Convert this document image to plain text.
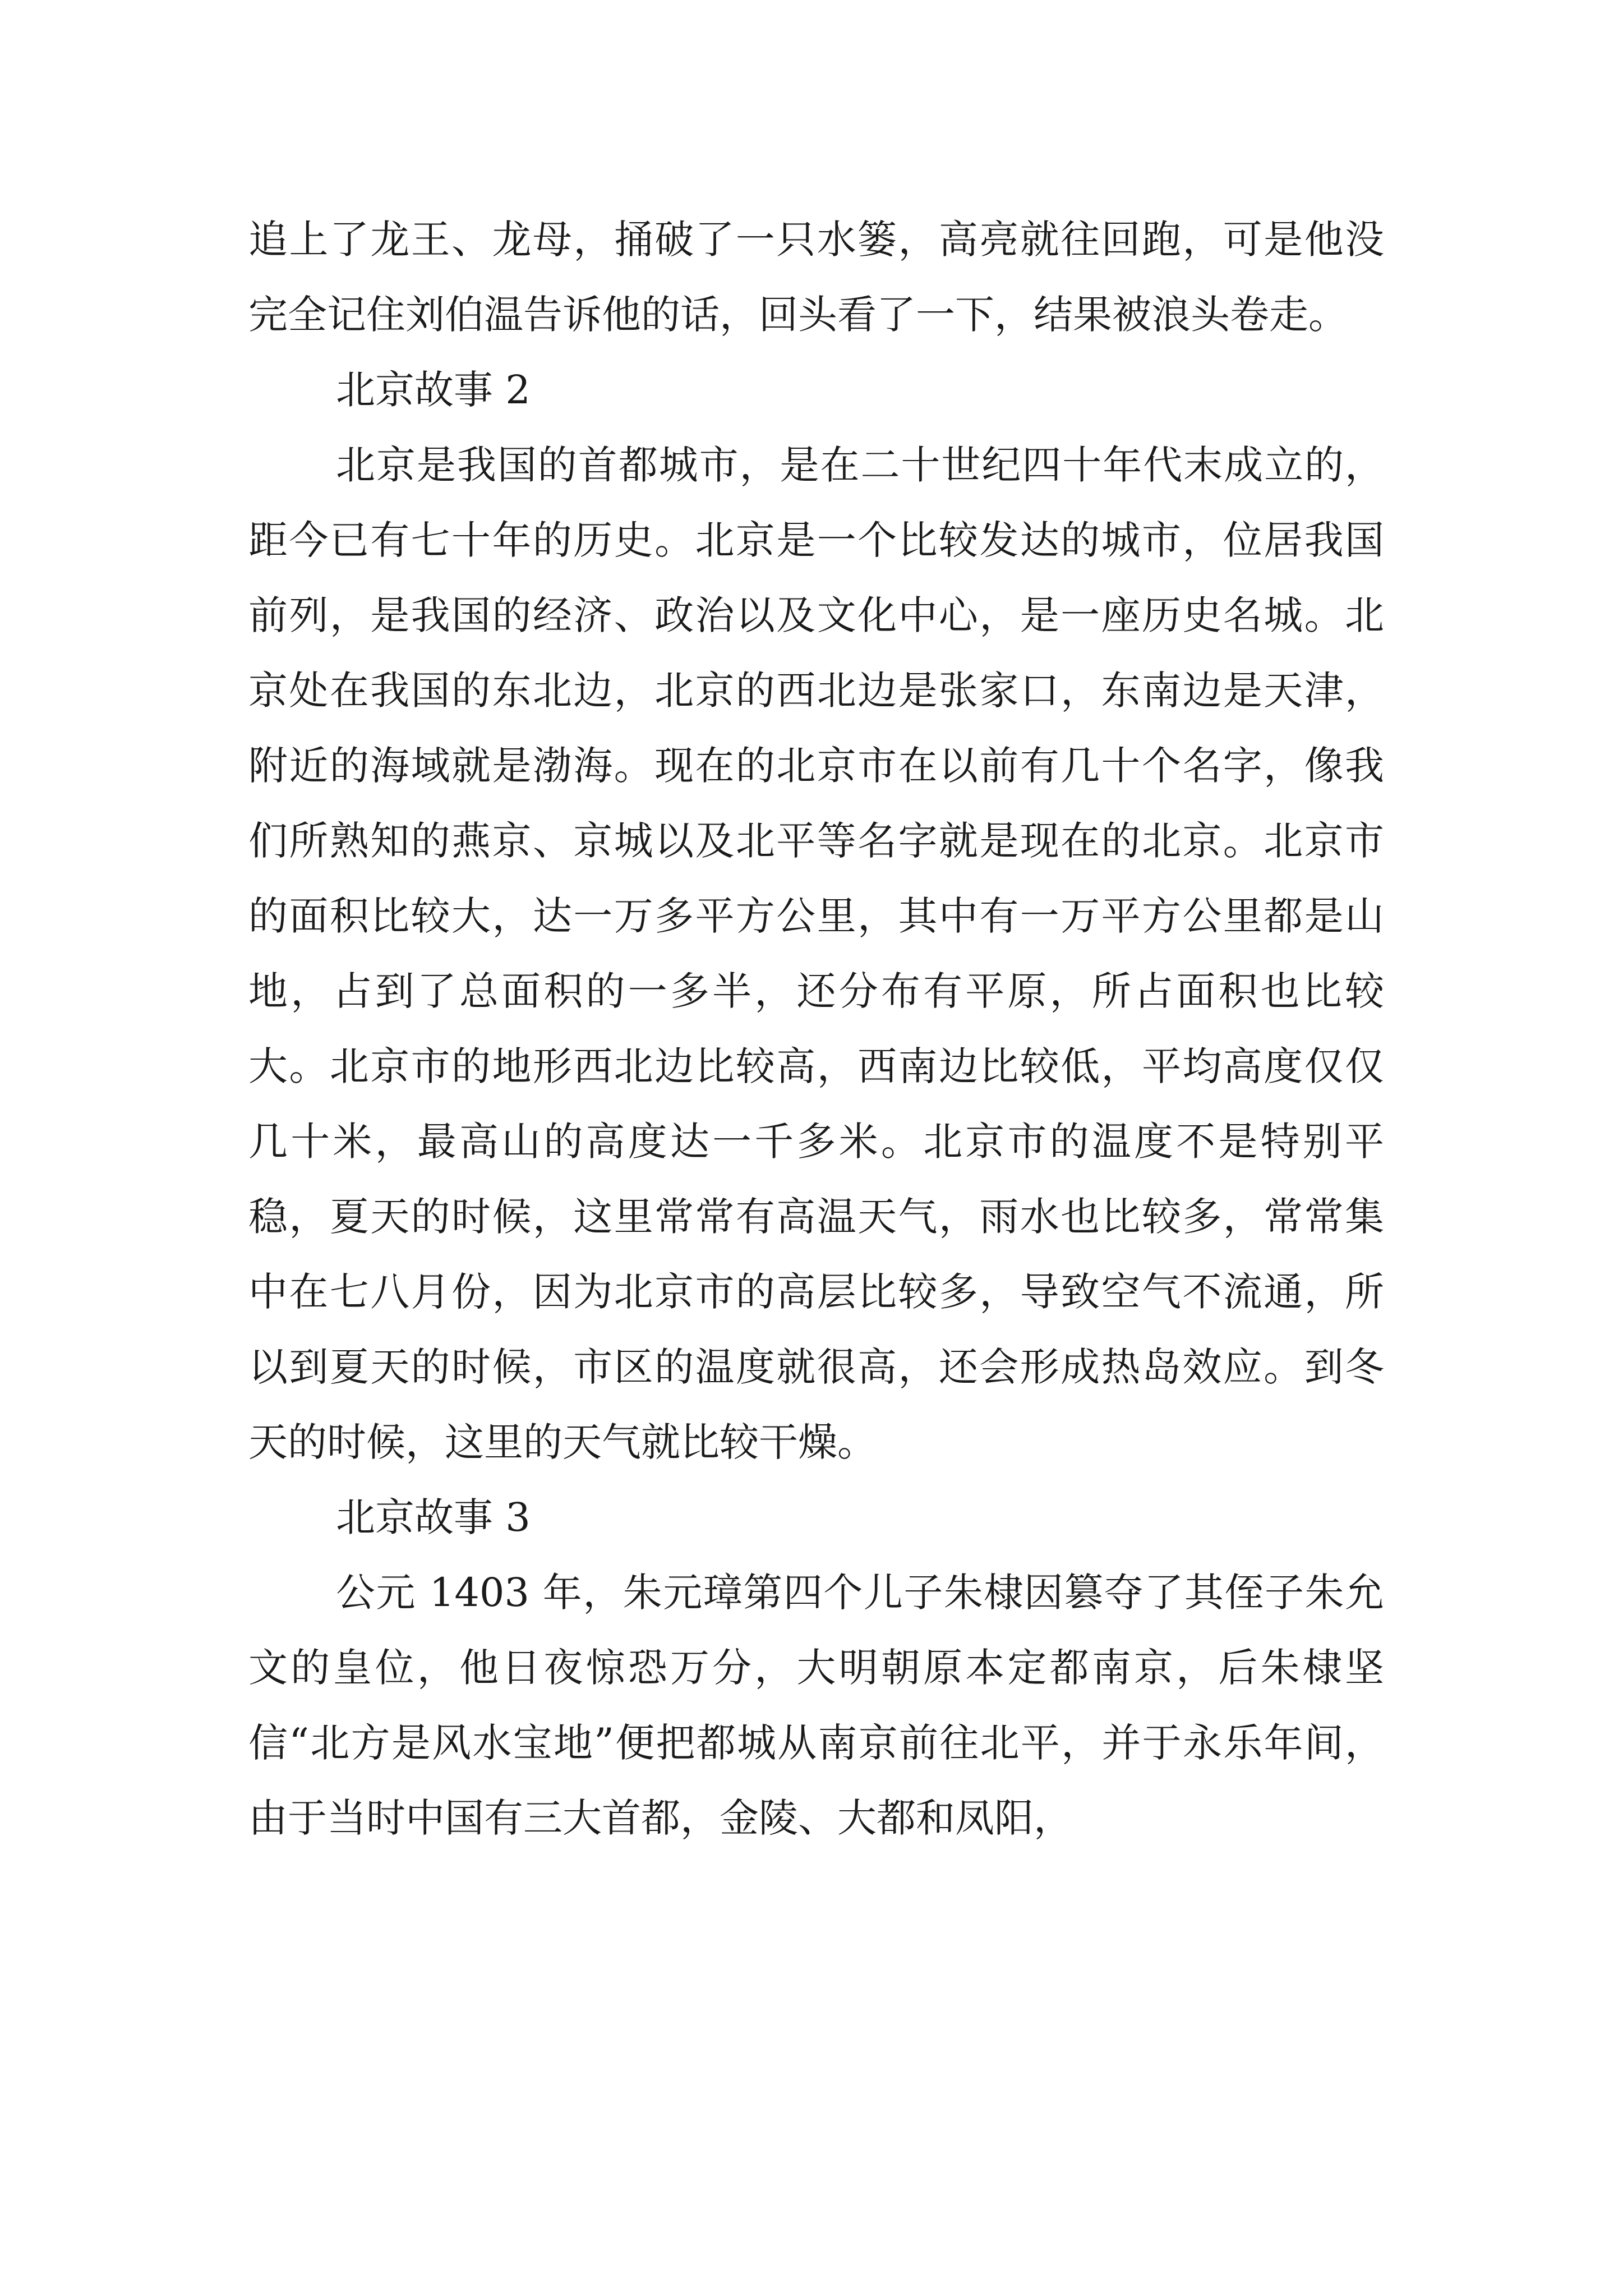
追上了龙王、龙母，捅破了一只水篓，高亮就往回跑，可是他没完全记住刘伯温告诉他的话，回头看了一下，结果被浪头卷走。

北京故事 2

北京是我国的首都城市，是在二十世纪四十年代末成立的，距今已有七十年的历史。北京是一个比较发达的城市，位居我国前列，是我国的经济、政治以及文化中心，是一座历史名城。北京处在我国的东北边，北京的西北边是张家口，东南边是天津，附近的海域就是渤海。现在的北京市在以前有几十个名字，像我们所熟知的燕京、京城以及北平等名字就是现在的北京。北京市的面积比较大，达一万多平方公里，其中有一万平方公里都是山地，占到了总面积的一多半，还分布有平原，所占面积也比较大。北京市的地形西北边比较高，西南边比较低，平均高度仅仅几十米，最高山的高度达一千多米。北京市的温度不是特别平稳，夏天的时候，这里常常有高温天气，雨水也比较多，常常集中在七八月份，因为北京市的高层比较多，导致空气不流通，所以到夏天的时候，市区的温度就很高，还会形成热岛效应。到冬天的时候，这里的天气就比较干燥。

北京故事 3

公元 1403 年，朱元璋第四个儿子朱棣因篡夺了其侄子朱允文的皇位，他日夜惊恐万分，大明朝原本定都南京，后朱棣坚信“北方是风水宝地”便把都城从南京前往北平，并于永乐年间，由于当时中国有三大首都，金陵、大都和凤阳，
